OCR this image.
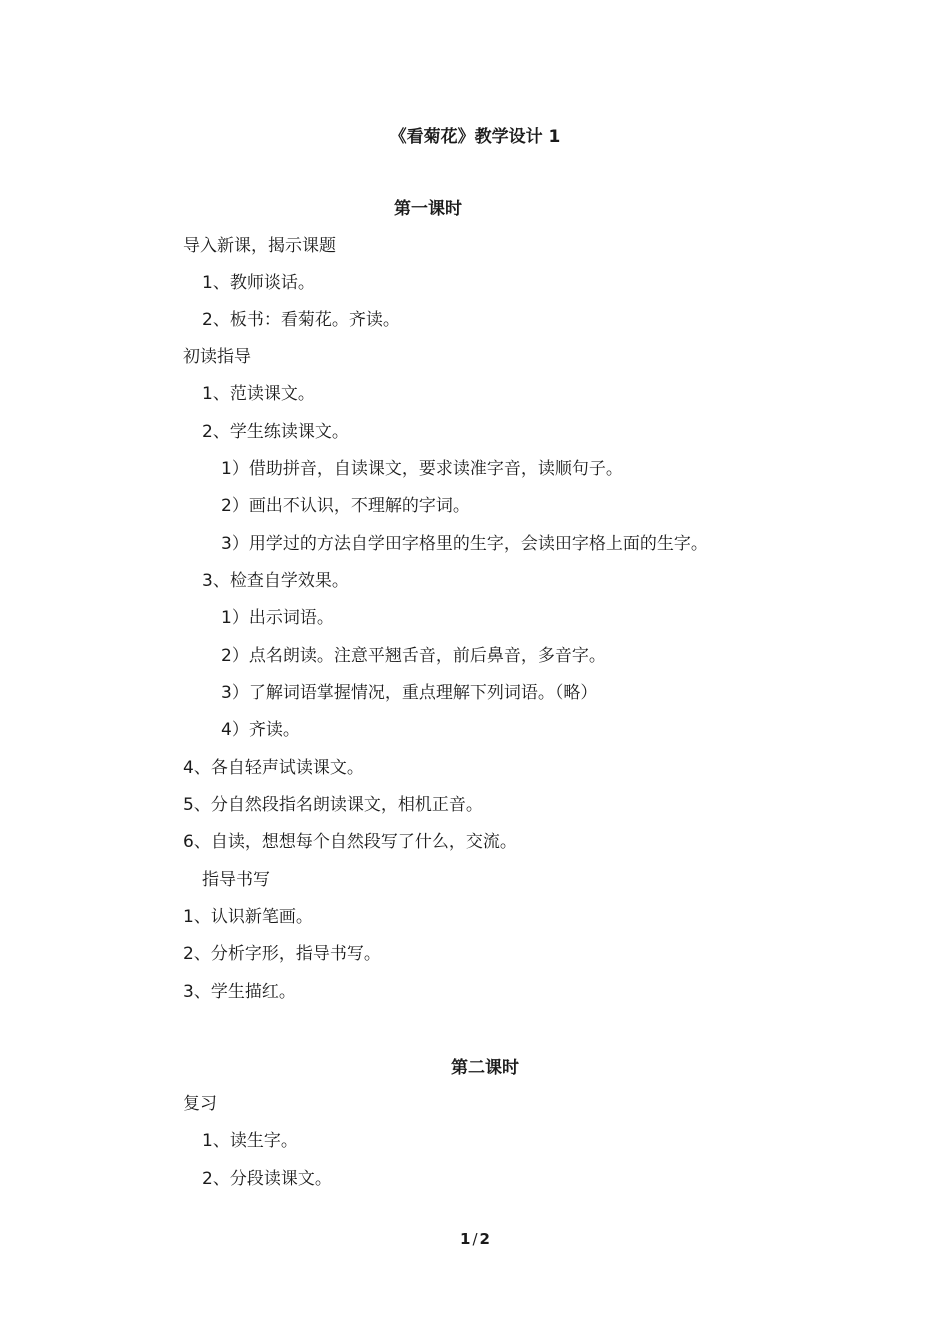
《看菊花》教学设计 1
第一课时
导入新课，揭示课题
1、教师谈话。
2、板书：看菊花。齐读。
初读指导
1、范读课文。
2、学生练读课文。
1）借助拼音，自读课文，要求读准字音，读顺句子。
2）画出不认识，不理解的字词。
3）用学过的方法自学田字格里的生字，会读田字格上面的生字。
3、检查自学效果。
1）出示词语。
2）点名朗读。注意平翘舌音，前后鼻音，多音字。
3）了解词语掌握情况，重点理解下列词语。（略）
4）齐读。
4、各自轻声试读课文。
5、分自然段指名朗读课文，相机正音。
6、自读，想想每个自然段写了什么，交流。
指导书写
1、认识新笔画。
2、分析字形，指导书写。
3、学生描红。
第二课时
复习
1、读生字。
2、分段读课文。
1 / 2
